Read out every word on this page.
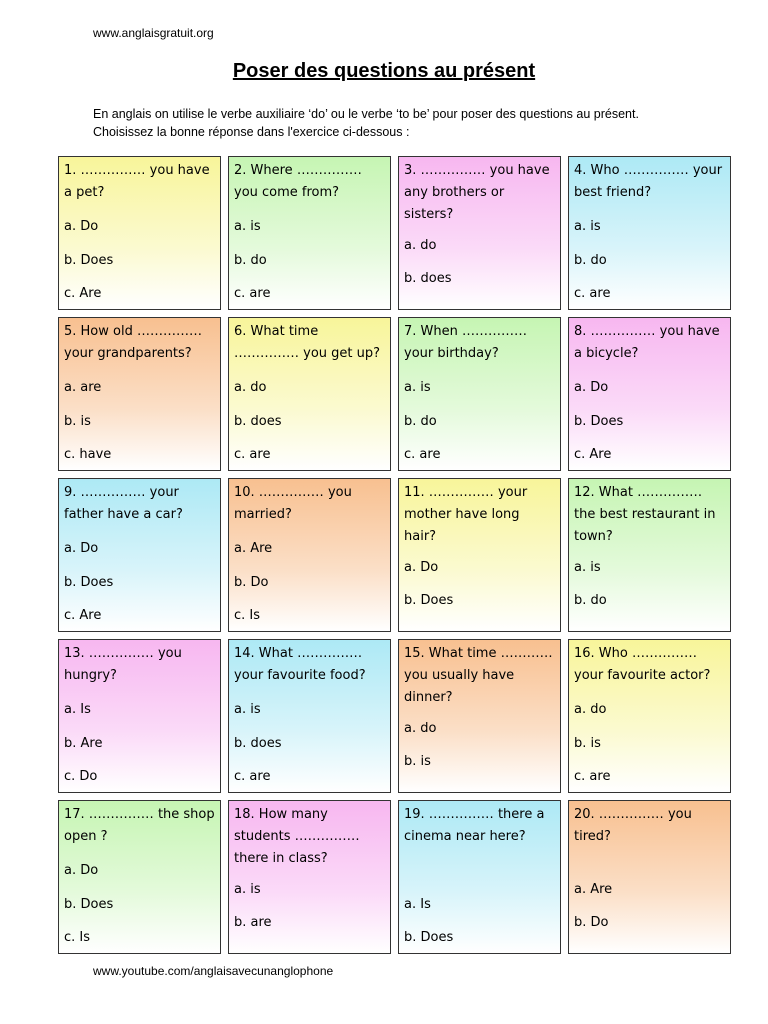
www.anglaisgratuit.org
Poser des questions au présent
En anglais on utilise le verbe auxiliaire ‘do’ ou le verbe ‘to be’ pour poser des questions au présent.
Choisissez la bonne réponse dans l'exercice ci-dessous :
1. …………… you have a pet?
a. Do
b. Does
c. Are
2. Where …………… you come from?
a. is
b. do
c. are
3. …………… you have any brothers or sisters?
a. do
b. does
4. Who …………… your best friend?
a. is
b. do
c. are
5. How old …………… your grandparents?
a. are
b. is
c. have
6. What time …………… you get up?
a. do
b. does
c. are
7. When …………… your birthday?
a. is
b. do
c. are
8. …………… you have a bicycle?
a. Do
b. Does
c. Are
9. …………… your father have a car?
a. Do
b. Does
c. Are
10. …………… you married?
a. Are
b. Do
c. Is
11. …………… your mother have long hair?
a. Do
b. Does
12. What …………… the best restaurant in town?
a. is
b. do
13. …………… you hungry?
a. Is
b. Are
c. Do
14. What …………… your favourite food?
a. is
b. does
c. are
15. What time ………… you usually have dinner?
a. do
b. is
16. Who …………… your favourite actor?
a. do
b. is
c. are
17. …………… the shop open ?
a. Do
b. Does
c. Is
18. How many students …………… there in class?
a. is
b. are
19. …………… there a cinema near here?
a. Is
b. Does
20. …………… you tired?
a. Are
b. Do
www.youtube.com/anglaisavecunanglophone
